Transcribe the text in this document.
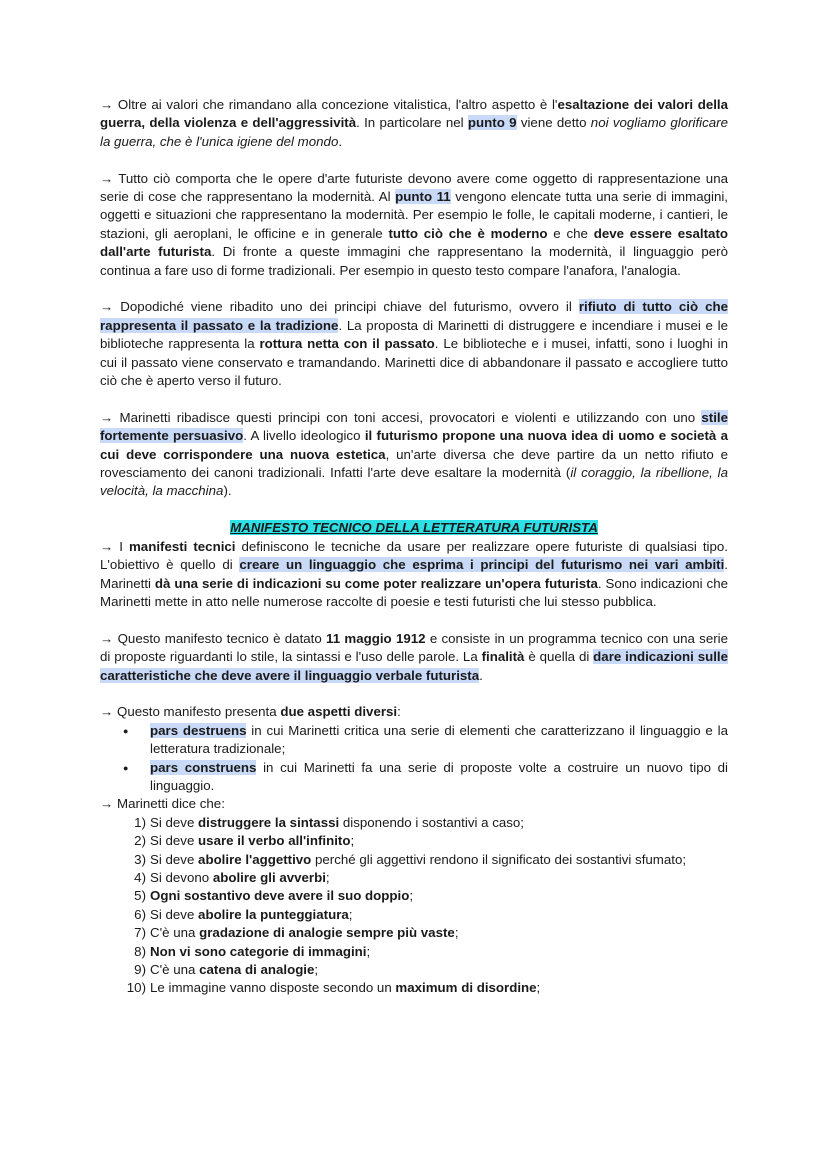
→ Oltre ai valori che rimandano alla concezione vitalistica, l'altro aspetto è l'esaltazione dei valori della guerra, della violenza e dell'aggressività. In particolare nel punto 9 viene detto noi vogliamo glorificare la guerra, che è l'unica igiene del mondo.

→ Tutto ciò comporta che le opere d'arte futuriste devono avere come oggetto di rappresentazione una serie di cose che rappresentano la modernità. Al punto 11 vengono elencate tutta una serie di immagini, oggetti e situazioni che rappresentano la modernità. Per esempio le folle, le capitali moderne, i cantieri, le stazioni, gli aeroplani, le officine e in generale tutto ciò che è moderno e che deve essere esaltato dall'arte futurista. Di fronte a queste immagini che rappresentano la modernità, il linguaggio però continua a fare uso di forme tradizionali. Per esempio in questo testo compare l'anafora, l'analogia.

→ Dopodiché viene ribadito uno dei principi chiave del futurismo, ovvero il rifiuto di tutto ciò che rappresenta il passato e la tradizione. La proposta di Marinetti di distruggere e incendiare i musei e le biblioteche rappresenta la rottura netta con il passato. Le biblioteche e i musei, infatti, sono i luoghi in cui il passato viene conservato e tramandando. Marinetti dice di abbandonare il passato e accogliere tutto ciò che è aperto verso il futuro.

→ Marinetti ribadisce questi principi con toni accesi, provocatori e violenti e utilizzando con uno stile fortemente persuasivo. A livello ideologico il futurismo propone una nuova idea di uomo e società a cui deve corrispondere una nuova estetica, un'arte diversa che deve partire da un netto rifiuto e rovesciamento dei canoni tradizionali. Infatti l'arte deve esaltare la modernità (il coraggio, la ribellione, la velocità, la macchina).

MANIFESTO TECNICO DELLA LETTERATURA FUTURISTA

→ I manifesti tecnici definiscono le tecniche da usare per realizzare opere futuriste di qualsiasi tipo. L'obiettivo è quello di creare un linguaggio che esprima i principi del futurismo nei vari ambiti. Marinetti dà una serie di indicazioni su come poter realizzare un'opera futurista. Sono indicazioni che Marinetti mette in atto nelle numerose raccolte di poesie e testi futuristi che lui stesso pubblica.

→ Questo manifesto tecnico è datato 11 maggio 1912 e consiste in un programma tecnico con una serie di proposte riguardanti lo stile, la sintassi e l'uso delle parole. La finalità è quella di dare indicazioni sulle caratteristiche che deve avere il linguaggio verbale futurista.

→ Questo manifesto presenta due aspetti diversi:

● pars destruens in cui Marinetti critica una serie di elementi che caratterizzano il linguaggio e la letteratura tradizionale;
● pars construens in cui Marinetti fa una serie di proposte volte a costruire un nuovo tipo di linguaggio.

→ Marinetti dice che:

1) Si deve distruggere la sintassi disponendo i sostantivi a caso;
2) Si deve usare il verbo all'infinito;
3) Si deve abolire l'aggettivo perché gli aggettivi rendono il significato dei sostantivi sfumato;
4) Si devono abolire gli avverbi;
5) Ogni sostantivo deve avere il suo doppio;
6) Si deve abolire la punteggiatura;
7) C'è una gradazione di analogie sempre più vaste;
8) Non vi sono categorie di immagini;
9) C'è una catena di analogie;
10) Le immagine vanno disposte secondo un maximum di disordine;
